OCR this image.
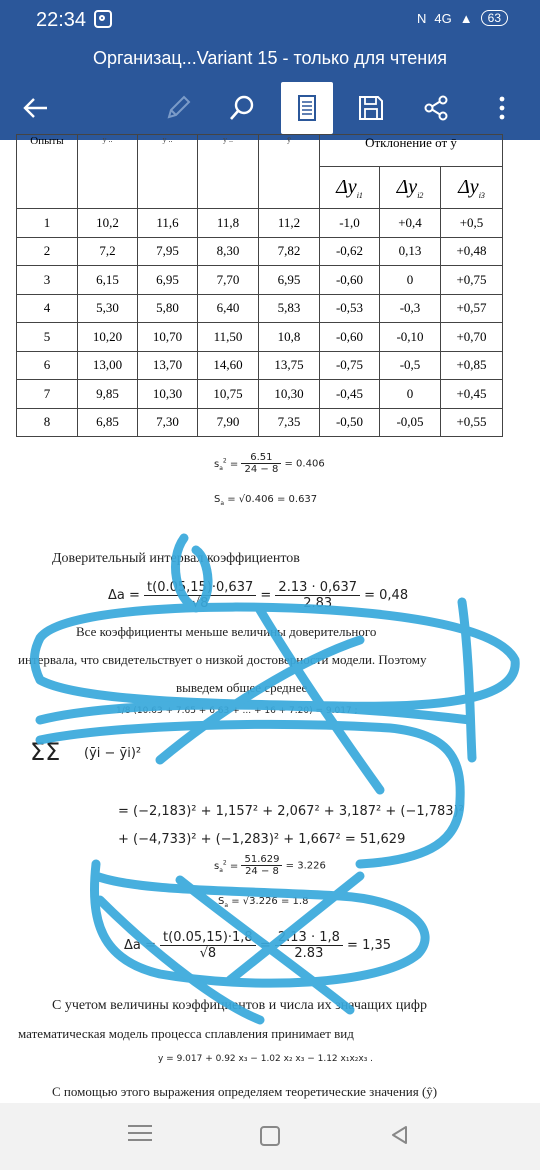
22:34	N 4G ▲	63
Организац...Variant 15 - только для чтения
Опыты	y ..	y ..	y ..	ȳ	Отклонение от ȳ		
					$\Delta y_{i1}$	$\Delta y_{i2}$	$\Delta y_{i3}$
1	10,2	11,6	11,8	11,2	-1,0	+0,4	+0,5
2	7,2	7,95	8,30	7,82	-0,62	0,13	+0,48
3	6,15	6,95	7,70	6,95	-0,60	0	+0,75
4	5,30	5,80	6,40	5,83	-0,53	-0,3	+0,57
5	10,20	10,70	11,50	10,8	-0,60	-0,10	+0,70
6	13,00	13,70	14,60	13,75	-0,75	-0,5	+0,85
7	9,85	10,30	10,75	10,30	-0,45	0	+0,45
8	6,85	7,30	7,90	7,35	-0,50	-0,05	+0,55
$s_a^2 = \frac{6.51}{24 - 8} = 0.406$
$S_a = √0.406 = 0.637$
Доверительный интервал коэффициентов
$\Delta a = \frac{t(0.05,15)\cdot 0,637}{√8} = \frac{2.13 \cdot 0,637}{2.83} = 0,48$
Все коэффициенты меньше величины доверительного
интервала, что свидетельствует о низкой достоверности модели. Поэтому
выведем общее среднее
1/8 (10.63 + 7.65 + 6.63 + ... + 16 + 7.20) = 9.017 ;
ΣΣ (ȳi − ȳi)²
= (−2,183)² + 1,157² + 2,067² + 3,187² + (−1,783)²
+ (−4,733)² + (−1,283)² + 1,667² = 51,629
$s_a^2 = \frac{51.629}{24 - 8} = 3.226$
$S_a = √3.226 = 1.8$
$\Delta a = \frac{t(0.05,15)\cdot 1,8}{√8} = \frac{2.13 \cdot 1,8}{2.83} = 1,35$
С учетом величины коэффициентов и числа их значащих цифр
математическая модель процесса сплавления принимает вид
y = 9.017 + 0.92 x₃ − 1.02 x₂ x₃ − 1.12 x₁x₂x₃ .
С помощью этого выражения определяем теоретические значения (ŷ)
